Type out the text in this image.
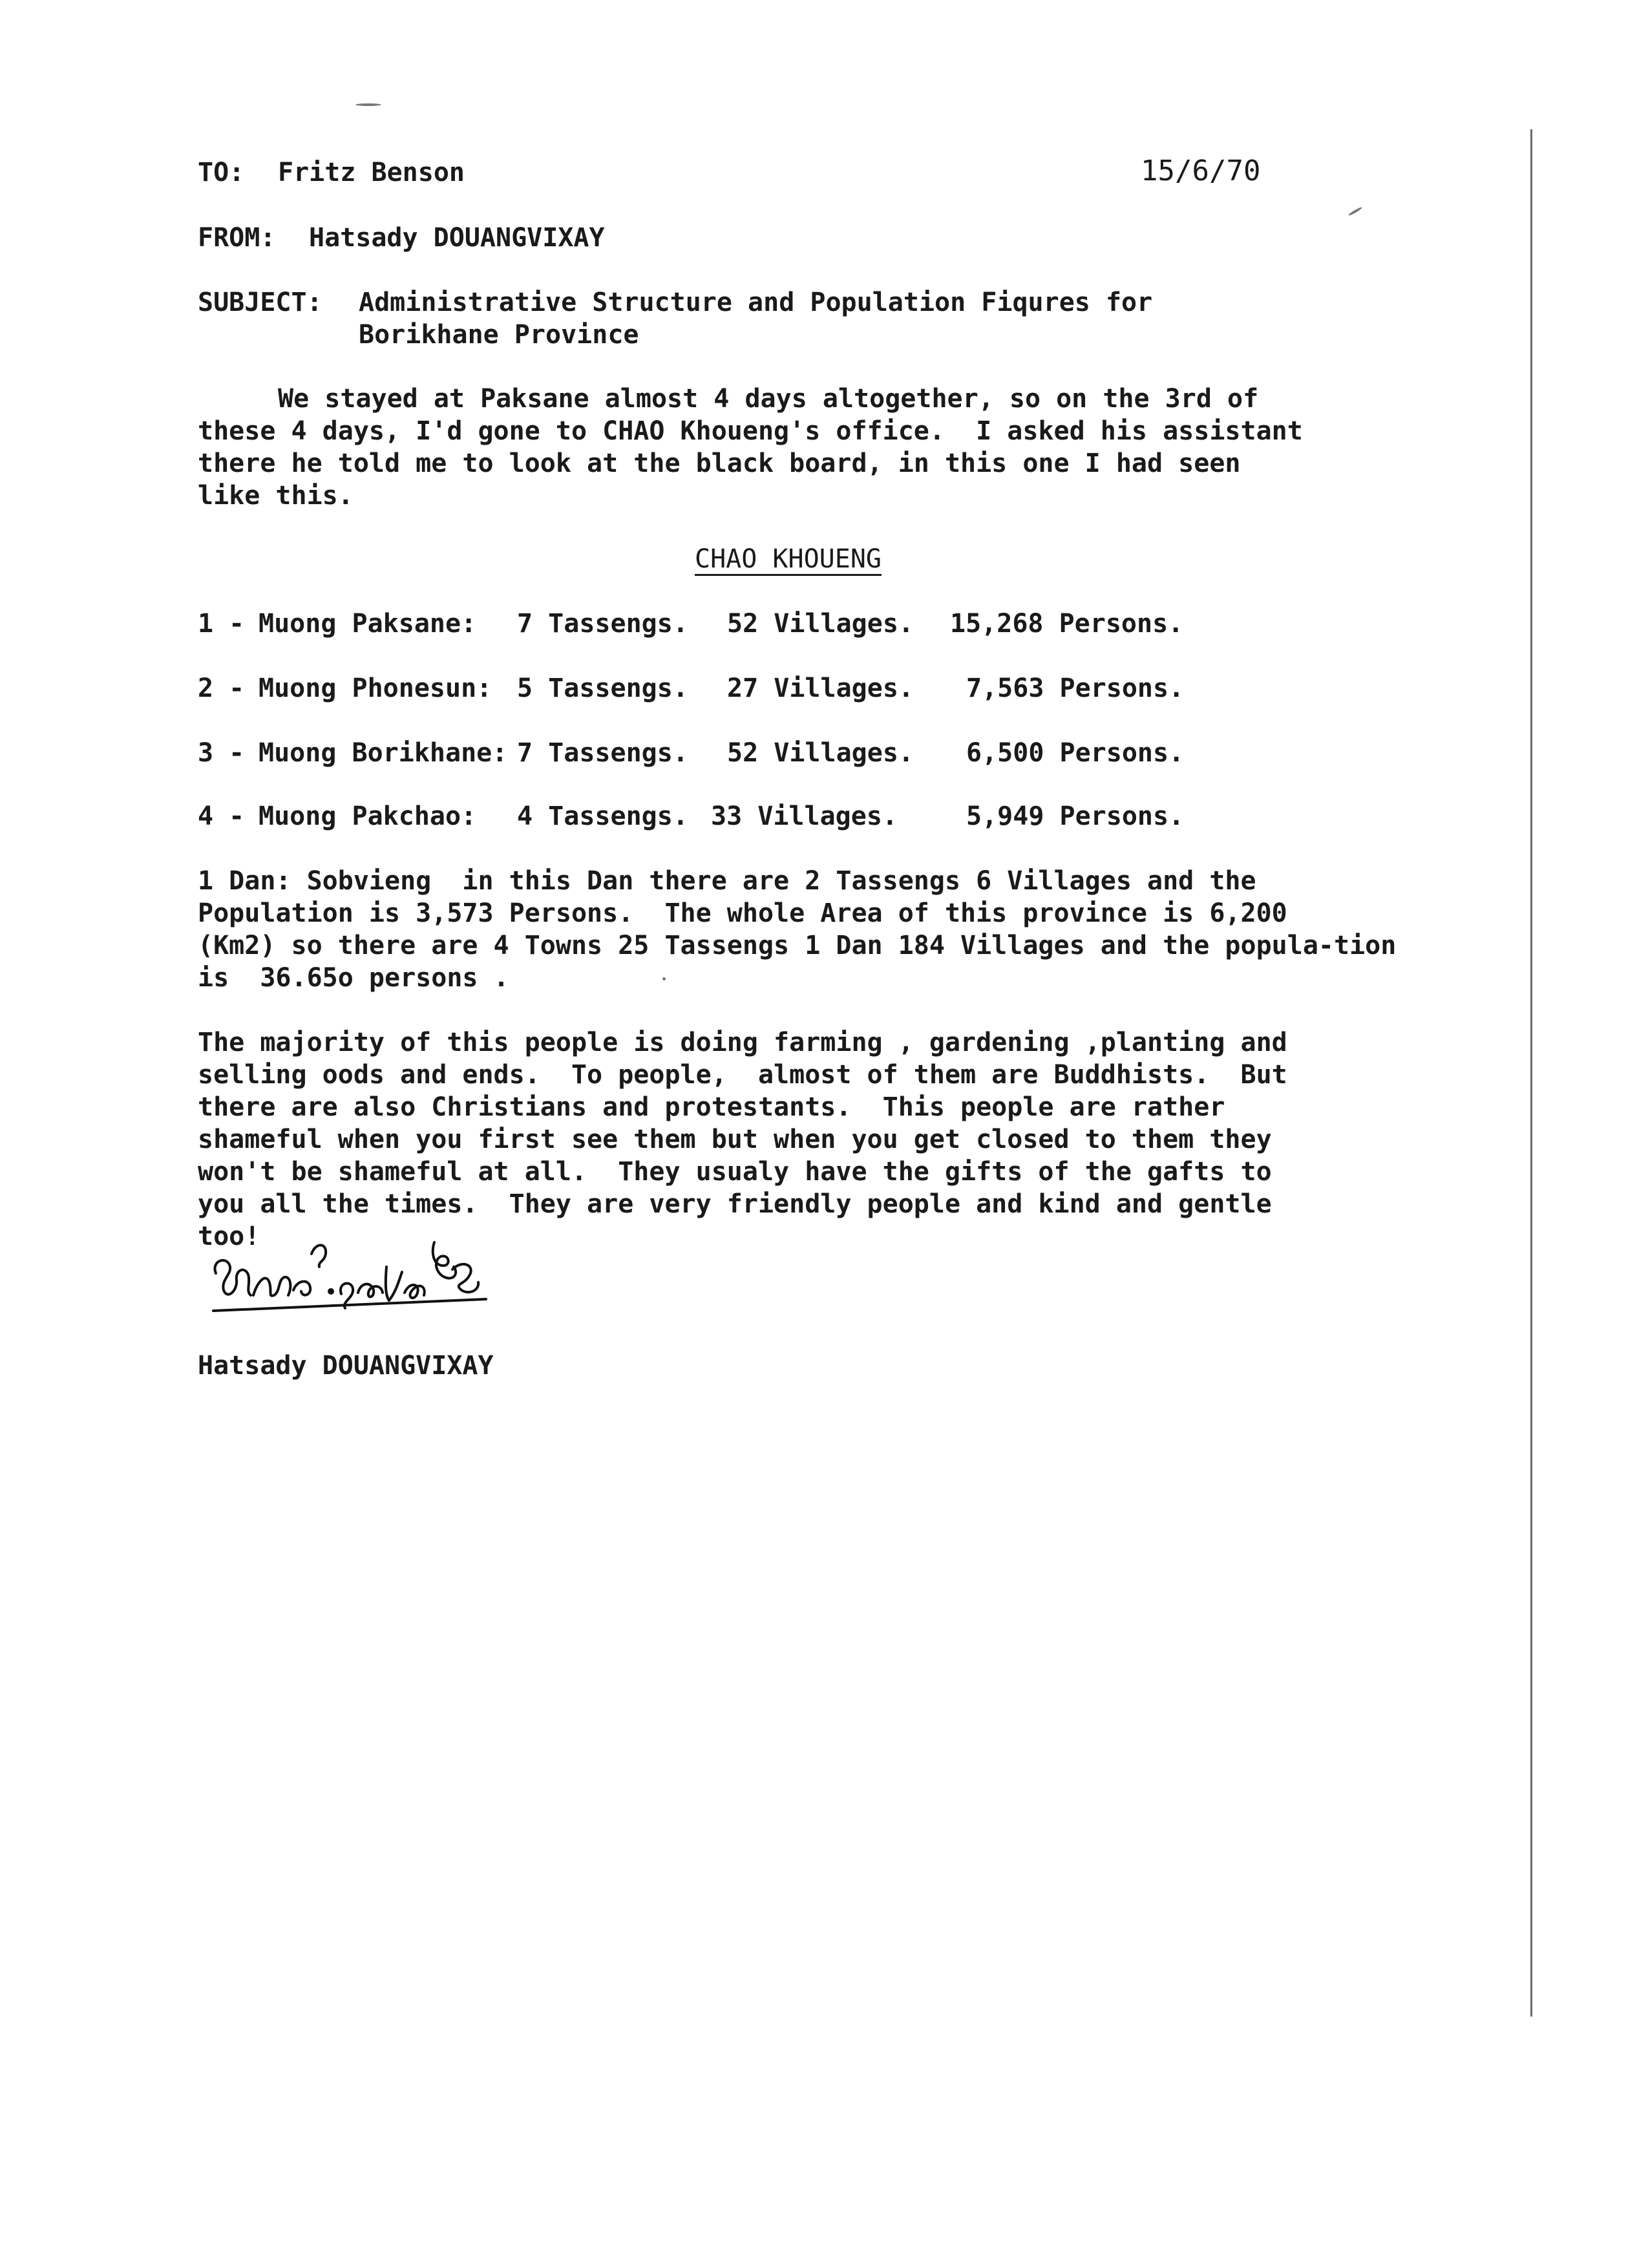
TO: Fritz Benson	15/6/70
FROM: Hatsady DOUANGVIXAY
SUBJECT: Administrative Structure and Population Fiqures for
Borikhane Province
We stayed at Paksane almost 4 days altogether, so on the 3rd of
these 4 days, I'd gone to CHAO Khoueng's office.  I asked his assistant
there he told me to look at the black board, in this one I had seen
like this.
CHAO KHOUENG
1 - Muong Paksane: 7 Tassengs. 52 Villages. 15,268 Persons.
2 - Muong Phonesun: 5 Tassengs. 27 Villages. 7,563 Persons.
3 - Muong Borikhane: 7 Tassengs. 52 Villages. 6,500 Persons.
4 - Muong Pakchao: 4 Tassengs. 33 Villages.	5,949 Persons.
1 Dan: Sobvieng  in this Dan there are 2 Tassengs 6 Villages and the
Population is 3,573 Persons.  The whole Area of this province is 6,200
(Km2) so there are 4 Towns 25 Tassengs 1 Dan 184 Villages and the popula-tion
is  36.65o persons .
The majority of this people is doing farming , gardening ,planting and
selling oods and ends.  To people,  almost of them are Buddhists.  But
there are also Christians and protestants.  This people are rather
shameful when you first see them but when you get closed to them they
won't be shameful at all.  They usualy have the gifts of the gafts to
you all the times.  They are very friendly people and kind and gentle
too!
Hatsady DOUANGVIXAY
